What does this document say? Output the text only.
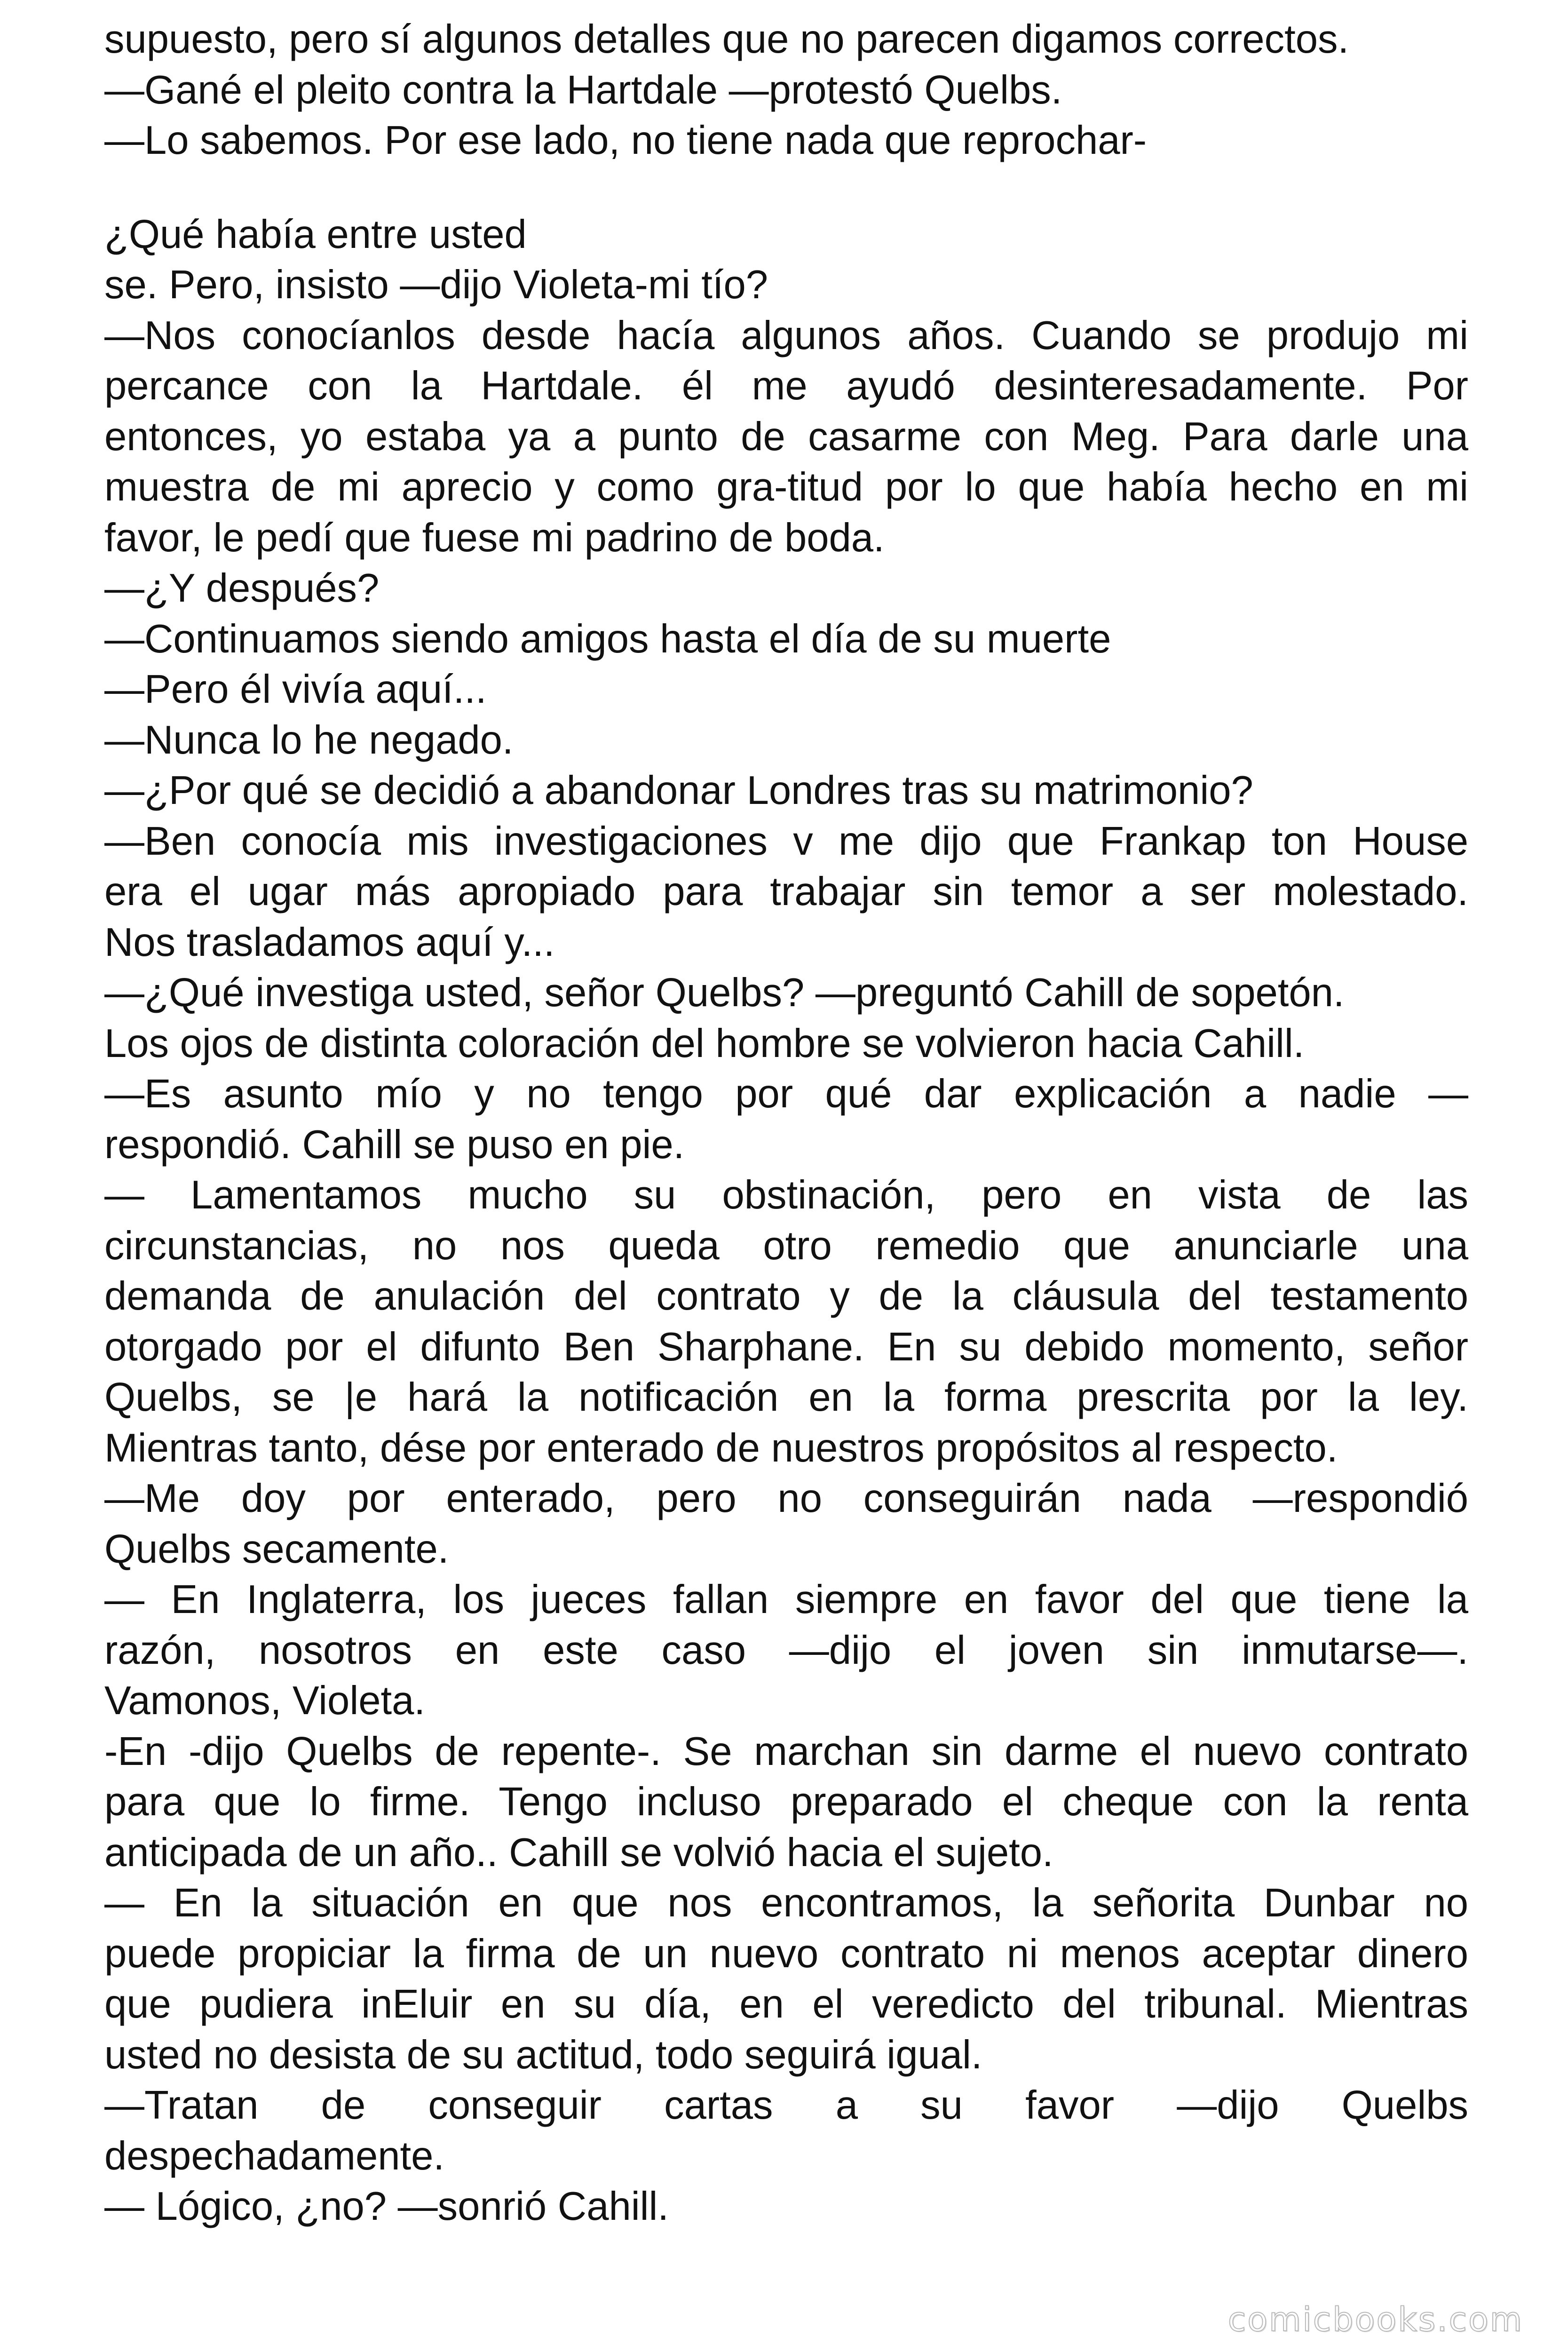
supuesto, pero sí algunos detalles que no parecen digamos correctos.
—Gané el pleito contra la Hartdale —protestó Quelbs.
—Lo sabemos. Por ese lado, no tiene nada que reprochar-
¿Qué había entre usted
se. Pero, insisto —dijo Violeta-mi tío?
—Nos conocíanlos desde hacía algunos años. Cuando se produjo mi
percance con la Hartdale. él me ayudó desinteresadamente. Por
entonces, yo estaba ya a punto de casarme con Meg. Para darle una
muestra de mi aprecio y como gra-titud por lo que había hecho en mi
favor, le pedí que fuese mi padrino de boda.
—¿Y después?
—Continuamos siendo amigos hasta el día de su muerte
—Pero él vivía aquí...
—Nunca lo he negado.
—¿Por qué se decidió a abandonar Londres tras su matrimonio?
—Ben conocía mis investigaciones v me dijo que Frankap ton House
era el ugar más apropiado para trabajar sin temor a ser molestado.
Nos trasladamos aquí y...
—¿Qué investiga usted, señor Quelbs? —preguntó Cahill de sopetón.
Los ojos de distinta coloración del hombre se volvieron hacia Cahill.
—Es asunto mío y no tengo por qué dar explicación a nadie —
respondió. Cahill se puso en pie.
— Lamentamos mucho su obstinación, pero en vista de las
circunstancias, no nos queda otro remedio que anunciarle una
demanda de anulación del contrato y de la cláusula del testamento
otorgado por el difunto Ben Sharphane. En su debido momento, señor
Quelbs, se |e hará la notificación en la forma prescrita por la ley.
Mientras tanto, dése por enterado de nuestros propósitos al respecto.
—Me doy por enterado, pero no conseguirán nada —respondió
Quelbs secamente.
— En Inglaterra, los jueces fallan siempre en favor del que tiene la
razón, nosotros en este caso —dijo el joven sin inmutarse—.
Vamonos, Violeta.
-En -dijo Quelbs de repente-. Se marchan sin darme el nuevo contrato
para que lo firme. Tengo incluso preparado el cheque con la renta
anticipada de un año.. Cahill se volvió hacia el sujeto.
— En la situación en que nos encontramos, la señorita Dunbar no
puede propiciar la firma de un nuevo contrato ni menos aceptar dinero
que pudiera inEluir en su día, en el veredicto del tribunal. Mientras
usted no desista de su actitud, todo seguirá igual.
—Tratan de conseguir cartas a su favor —dijo Quelbs
despechadamente.
— Lógico, ¿no? —sonrió Cahill.
comicbooks.com
